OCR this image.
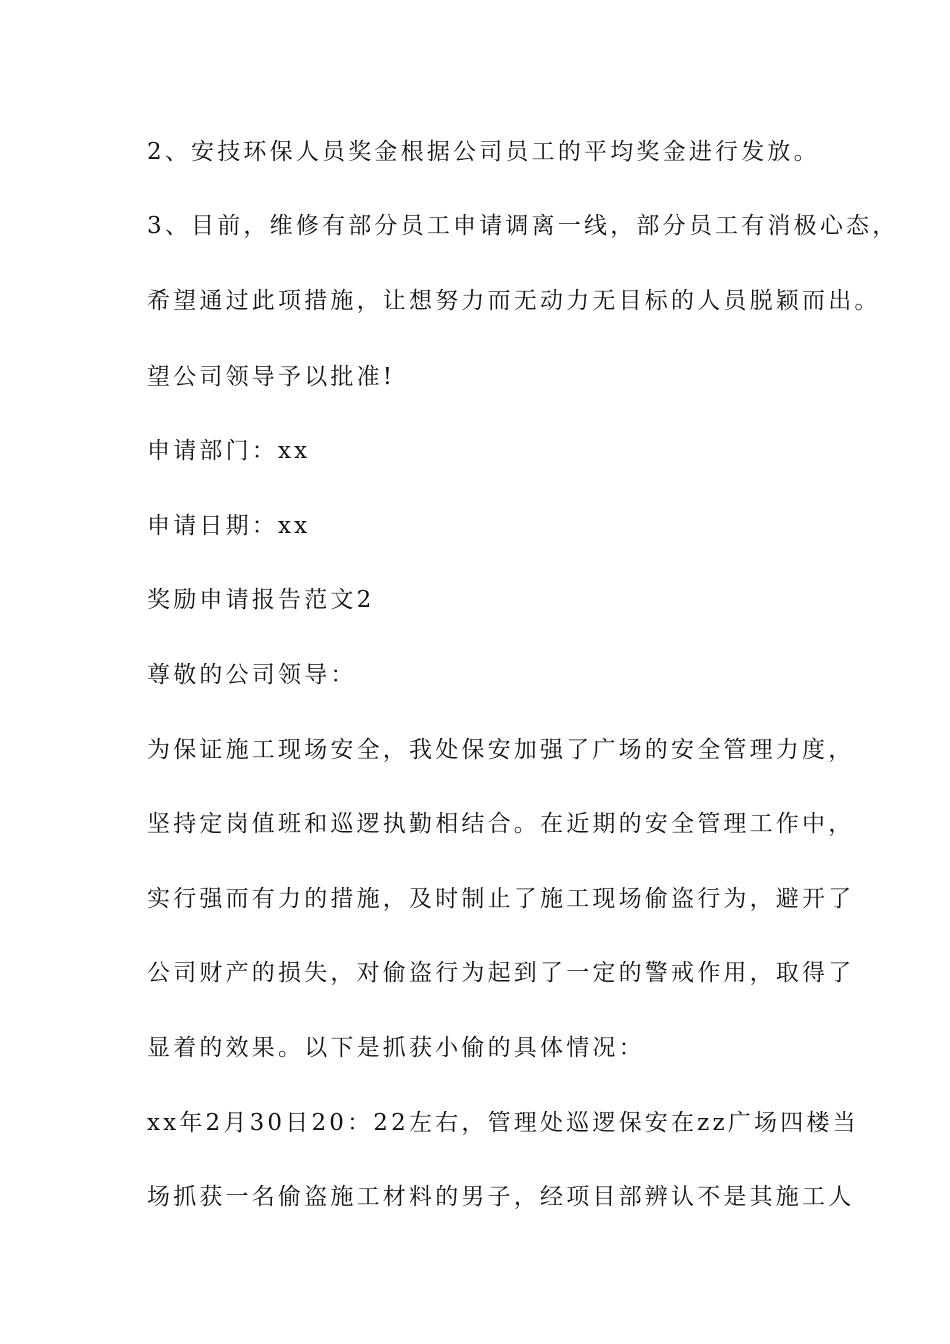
2、安技环保人员奖金根据公司员工的平均奖金进行发放。
3、目前，维修有部分员工申请调离一线，部分员工有消极心态，
希望通过此项措施，让想努力而无动力无目标的人员脱颖而出。
望公司领导予以批准!
申请部门：xx
申请日期：xx
奖励申请报告范文2
尊敬的公司领导：
为保证施工现场安全，我处保安加强了广场的安全管理力度，
坚持定岗值班和巡逻执勤相结合。在近期的安全管理工作中，
实行强而有力的措施，及时制止了施工现场偷盗行为，避开了
公司财产的损失，对偷盗行为起到了一定的警戒作用，取得了
显着的效果。以下是抓获小偷的具体情况：
xx年2月30日20：22左右，管理处巡逻保安在zz广场四楼当
场抓获一名偷盗施工材料的男子，经项目部辨认不是其施工人
